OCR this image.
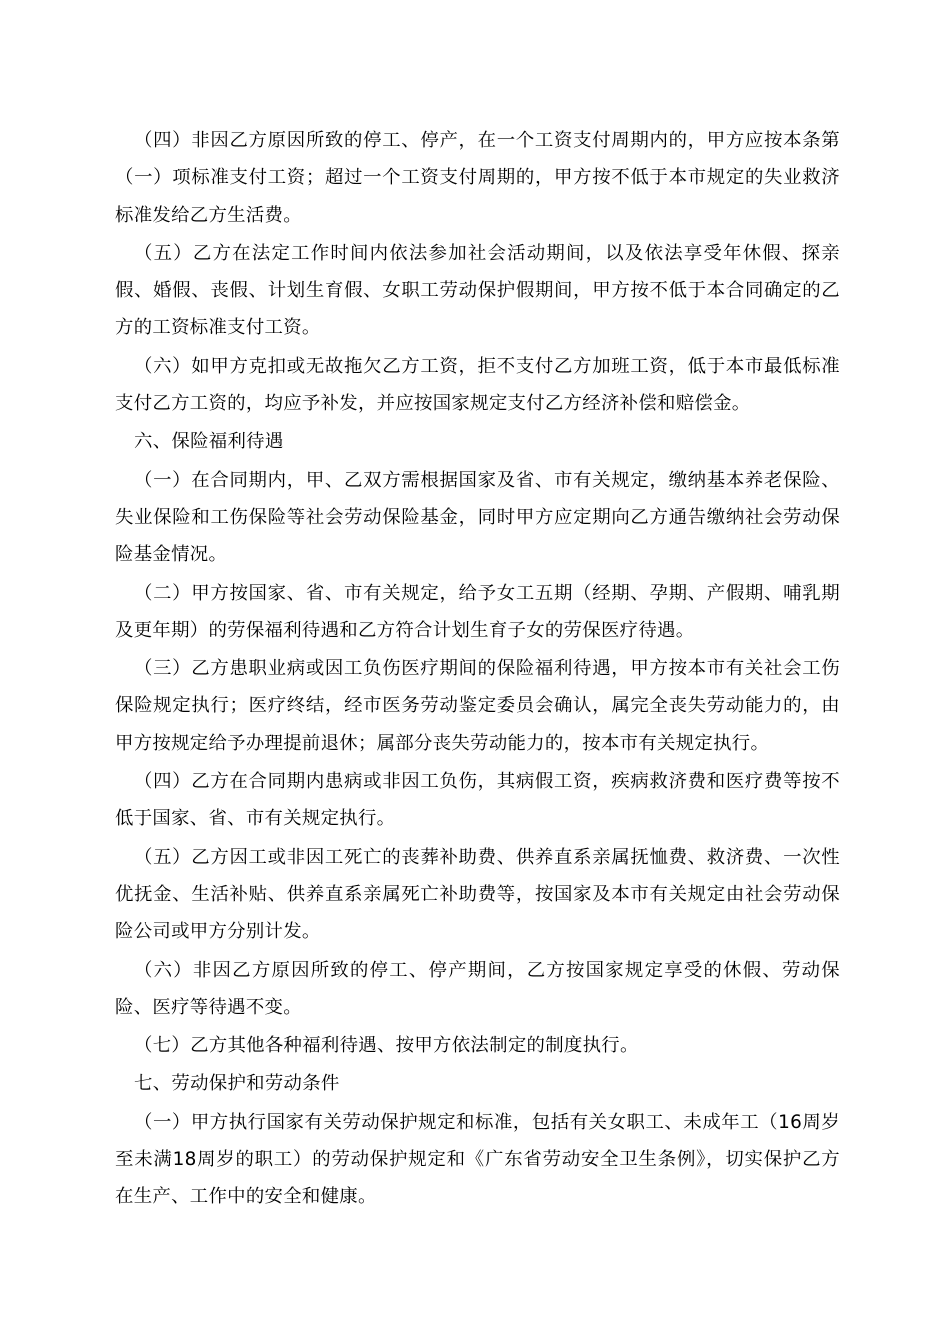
（四）非因乙方原因所致的停工、停产，在一个工资支付周期内的，甲方应按本条第（一）项标准支付工资；超过一个工资支付周期的，甲方按不低于本市规定的失业救济标准发给乙方生活费。

（五）乙方在法定工作时间内依法参加社会活动期间，以及依法享受年休假、探亲假、婚假、丧假、计划生育假、女职工劳动保护假期间，甲方按不低于本合同确定的乙方的工资标准支付工资。

（六）如甲方克扣或无故拖欠乙方工资，拒不支付乙方加班工资，低于本市最低标准支付乙方工资的，均应予补发，并应按国家规定支付乙方经济补偿和赔偿金。

六、保险福利待遇

（一）在合同期内，甲、乙双方需根据国家及省、市有关规定，缴纳基本养老保险、失业保险和工伤保险等社会劳动保险基金，同时甲方应定期向乙方通告缴纳社会劳动保险基金情况。

（二）甲方按国家、省、市有关规定，给予女工五期（经期、孕期、产假期、哺乳期及更年期）的劳保福利待遇和乙方符合计划生育子女的劳保医疗待遇。

（三）乙方患职业病或因工负伤医疗期间的保险福利待遇，甲方按本市有关社会工伤保险规定执行；医疗终结，经市医务劳动鉴定委员会确认，属完全丧失劳动能力的，由甲方按规定给予办理提前退休；属部分丧失劳动能力的，按本市有关规定执行。

（四）乙方在合同期内患病或非因工负伤，其病假工资，疾病救济费和医疗费等按不低于国家、省、市有关规定执行。

（五）乙方因工或非因工死亡的丧葬补助费、供养直系亲属抚恤费、救济费、一次性优抚金、生活补贴、供养直系亲属死亡补助费等，按国家及本市有关规定由社会劳动保险公司或甲方分别计发。

（六）非因乙方原因所致的停工、停产期间，乙方按国家规定享受的休假、劳动保险、医疗等待遇不变。

（七）乙方其他各种福利待遇、按甲方依法制定的制度执行。

七、劳动保护和劳动条件

（一）甲方执行国家有关劳动保护规定和标准，包括有关女职工、未成年工（16周岁至未满18周岁的职工）的劳动保护规定和《广东省劳动安全卫生条例》，切实保护乙方在生产、工作中的安全和健康。
